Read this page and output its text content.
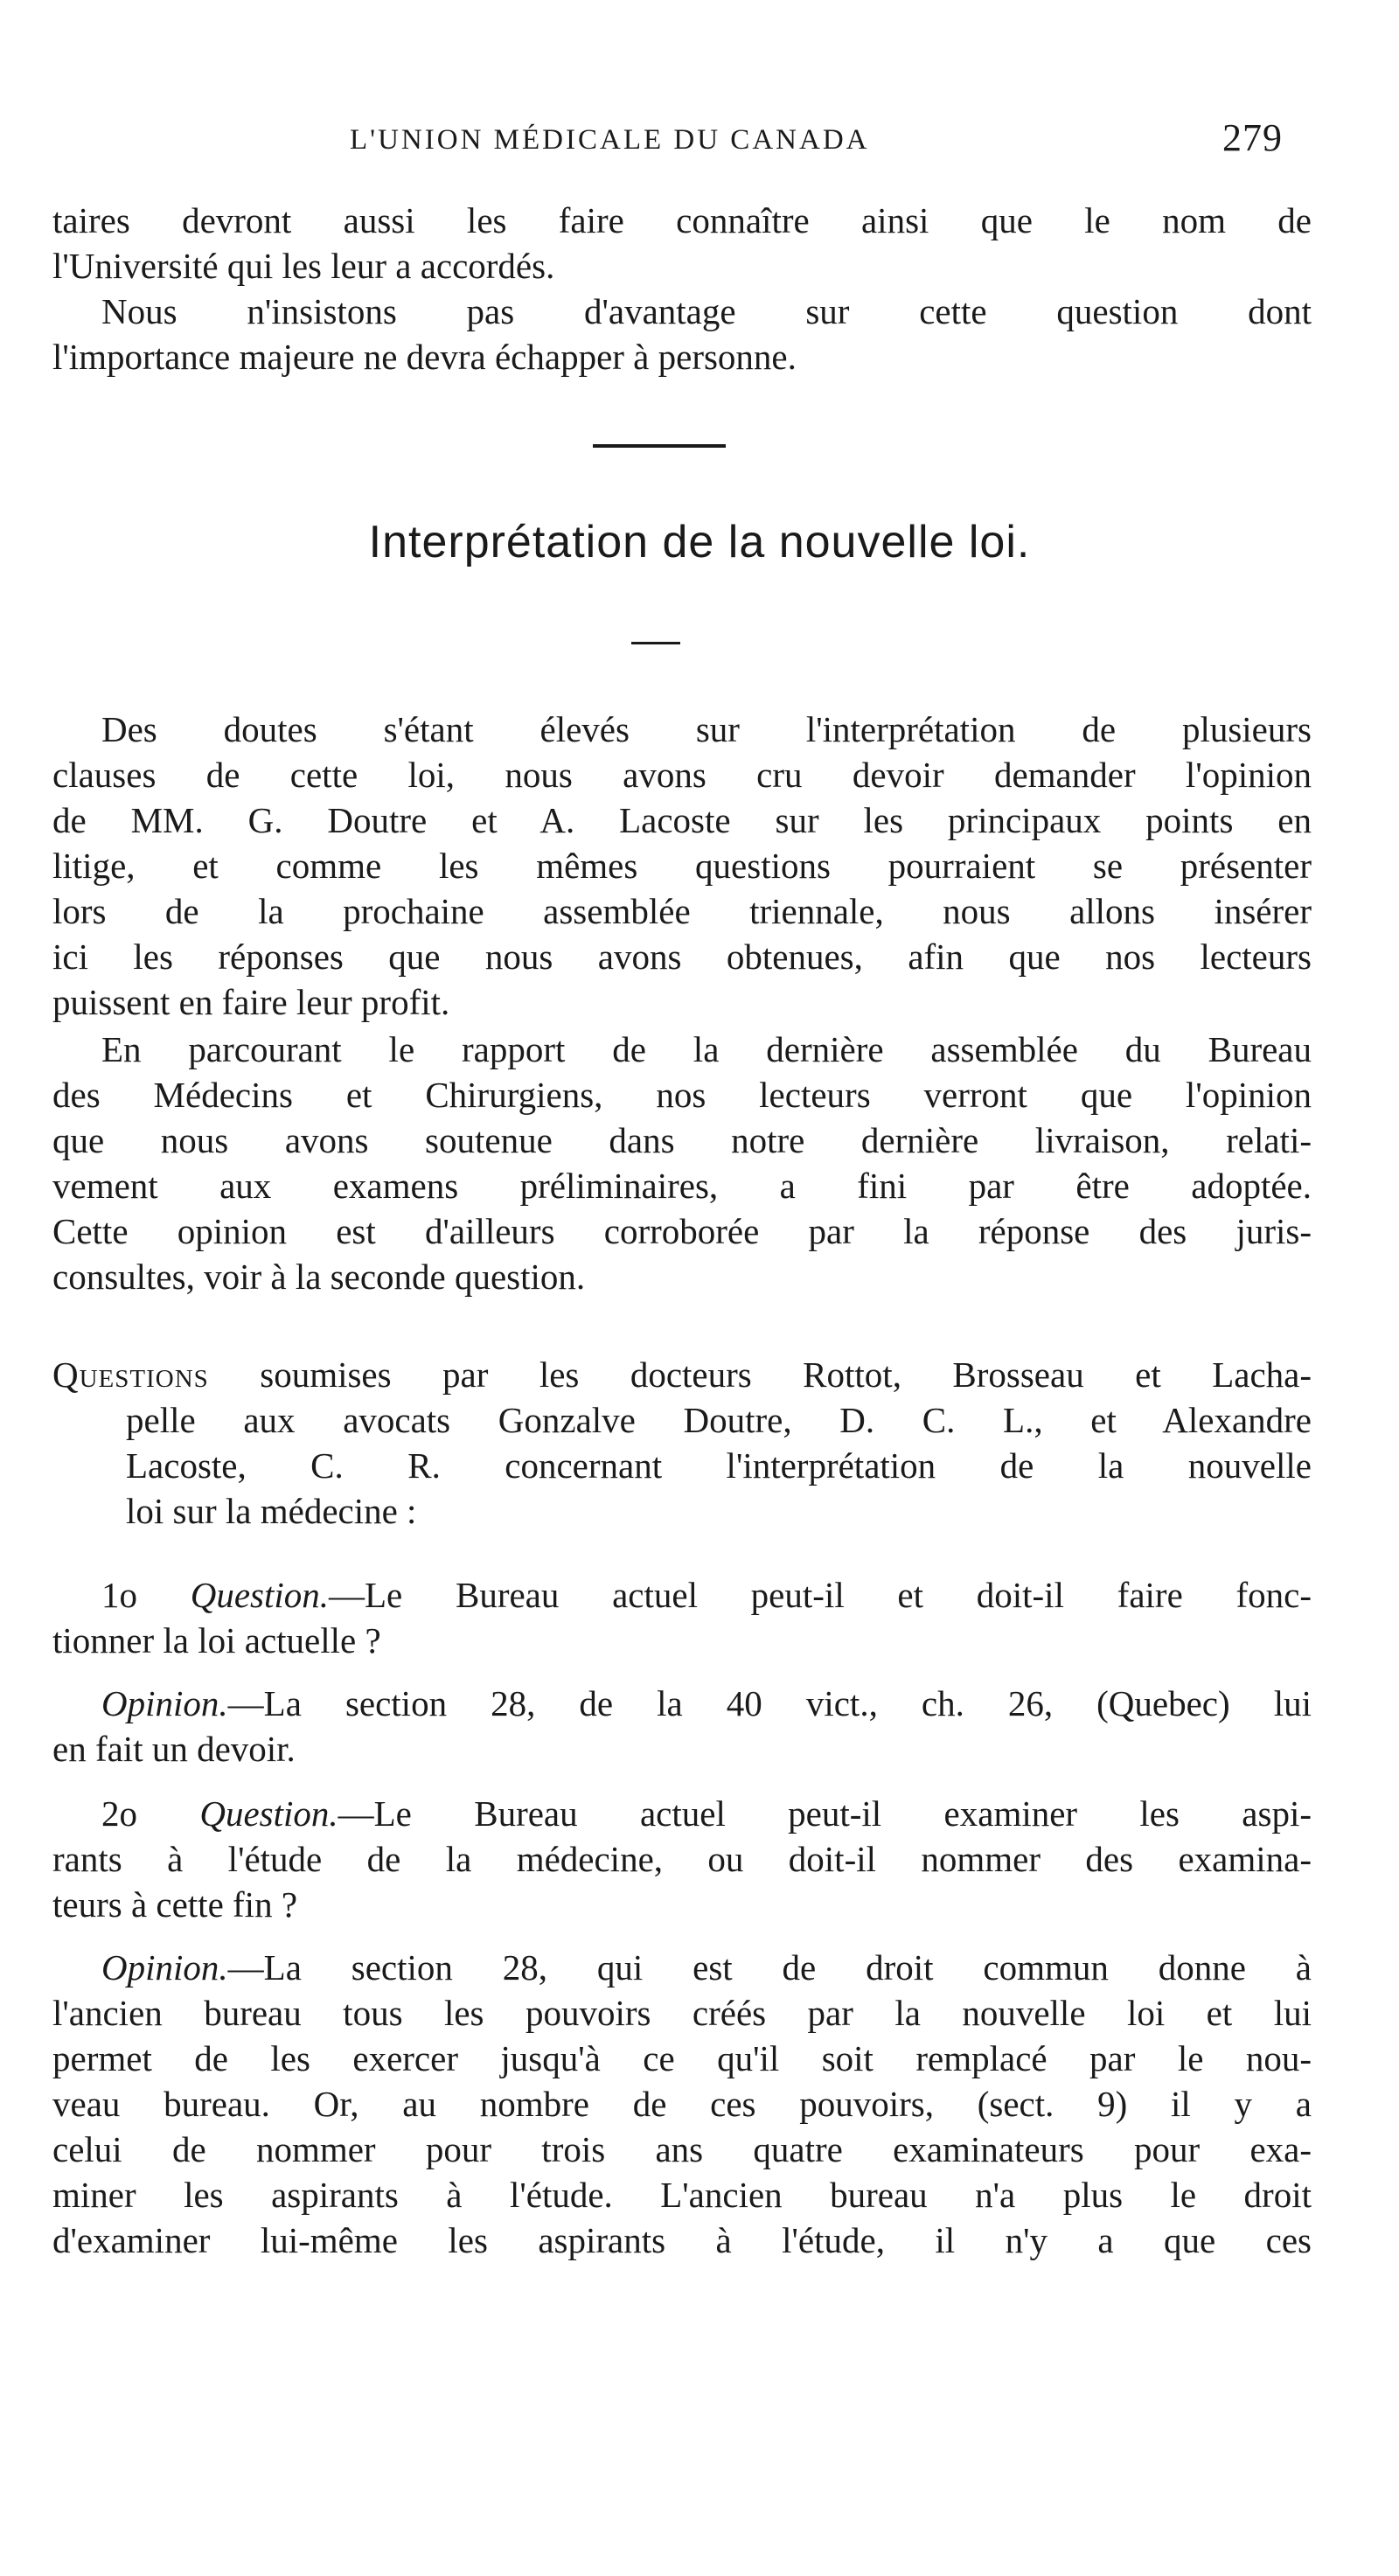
L'UNION MÉDICALE DU CANADA	279
taires devront aussi les faire connaître ainsi que le nom de
l'Université qui les leur a accordés.
Nous n'insistons pas d'avantage sur cette question dont
l'importance majeure ne devra échapper à personne.
Interprétation de la nouvelle loi.
Des doutes s'étant élevés sur l'interprétation de plusieurs
clauses de cette loi, nous avons cru devoir demander l'opinion
de MM. G. Doutre et A. Lacoste sur les principaux points en
litige, et comme les mêmes questions pourraient se présenter
lors de la prochaine assemblée triennale, nous allons insérer
ici les réponses que nous avons obtenues, afin que nos lecteurs
puissent en faire leur profit.
En parcourant le rapport de la dernière assemblée du Bureau
des Médecins et Chirurgiens, nos lecteurs verront que l'opinion
que nous avons soutenue dans notre dernière livraison, relati-
vement aux examens préliminaires, a fini par être adoptée.
Cette opinion est d'ailleurs corroborée par la réponse des juris-
consultes, voir à la seconde question.
Questions soumises par les docteurs Rottot, Brosseau et Lacha-
pelle aux avocats Gonzalve Doutre, D. C. L., et Alexandre
Lacoste, C. R. concernant l'interprétation de la nouvelle
loi sur la médecine :
1o Question.—Le Bureau actuel peut-il et doit-il faire fonc-
tionner la loi actuelle ?
Opinion.—La section 28, de la 40 vict., ch. 26, (Quebec) lui
en fait un devoir.
2o Question.—Le Bureau actuel peut-il examiner les aspi-
rants à l'étude de la médecine, ou doit-il nommer des examina-
teurs à cette fin ?
Opinion.—La section 28, qui est de droit commun donne à
l'ancien bureau tous les pouvoirs créés par la nouvelle loi et lui
permet de les exercer jusqu'à ce qu'il soit remplacé par le nou-
veau bureau. Or, au nombre de ces pouvoirs, (sect. 9) il y a
celui de nommer pour trois ans quatre examinateurs pour exa-
miner les aspirants à l'étude. L'ancien bureau n'a plus le droit
d'examiner lui-même les aspirants à l'étude, il n'y a que ces
